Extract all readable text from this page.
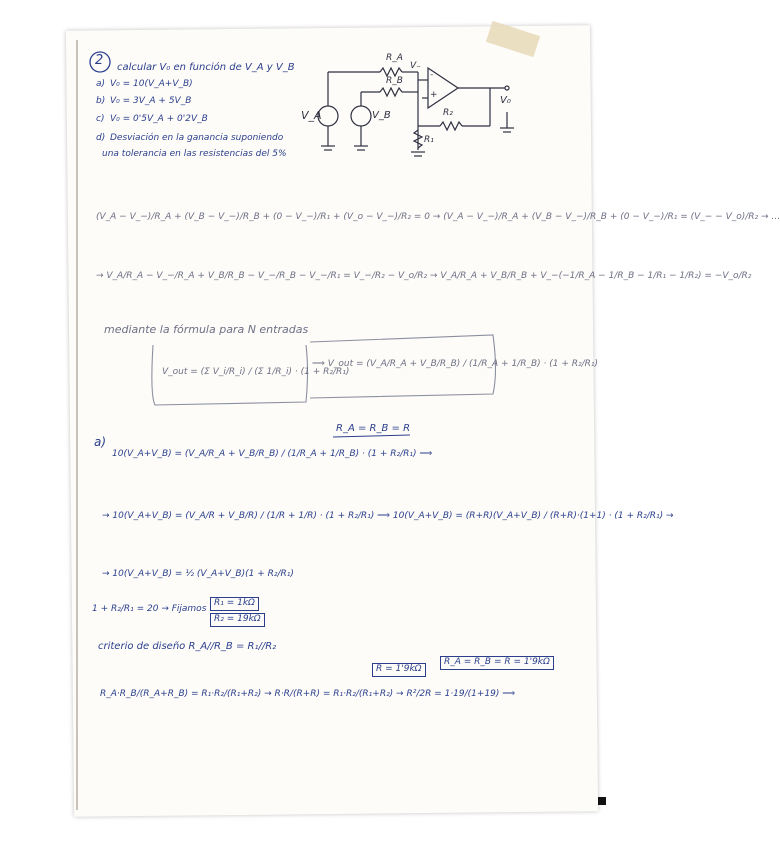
2 calcular V₀ en función de V_A y V_B
a) V₀ = 10(V_A+V_B)
b) V₀ = 3V_A + 5V_B
c) V₀ = 0'5V_A + 0'2V_B
d) Desviación en la ganancia suponiendo
una tolerancia en las resistencias del 5%
R_A
R_B
R₂
R₁
V_A	V_B
V₀
V₋
-
+
(V_A − V_−)/R_A + (V_B − V_−)/R_B + (0 − V_−)/R₁ + (V_o − V_−)/R₂ = 0 → (V_A − V_−)/R_A + (V_B − V_−)/R_B + (0 − V_−)/R₁ = (V_− − V_o)/R₂ → …
→ V_A/R_A − V_−/R_A + V_B/R_B − V_−/R_B − V_−/R₁ = V_−/R₂ − V_o/R₂ → V_A/R_A + V_B/R_B + V_−(−1/R_A − 1/R_B − 1/R₁ − 1/R₂) = −V_o/R₂
mediante la fórmula para N entradas
V_out = (Σ V_i/R_i) / (Σ 1/R_i) · (1 + R₂/R₁)
⟹ V_out = (V_A/R_A + V_B/R_B) / (1/R_A + 1/R_B) · (1 + R₂/R₁)
a)
10(V_A+V_B) = (V_A/R_A + V_B/R_B) / (1/R_A + 1/R_B) · (1 + R₂/R₁) ⟹
R_A = R_B = R
→ 10(V_A+V_B) = (V_A/R + V_B/R) / (1/R + 1/R) · (1 + R₂/R₁) ⟹ 10(V_A+V_B) = (R+R)(V_A+V_B) / (R+R)·(1+1) · (1 + R₂/R₁) →
→ 10(V_A+V_B) = ½ (V_A+V_B)(1 + R₂/R₁)
1 + R₂/R₁ = 20 → Fijamos
R₁ = 1kΩ
R₂ = 19kΩ
criterio de diseño R_A//R_B = R₁//R₂
R_A·R_B/(R_A+R_B) = R₁·R₂/(R₁+R₂) → R·R/(R+R) = R₁·R₂/(R₁+R₂) → R²/2R = 1·19/(1+19) ⟹
R = 1'9kΩ
R_A = R_B = R = 1'9kΩ
